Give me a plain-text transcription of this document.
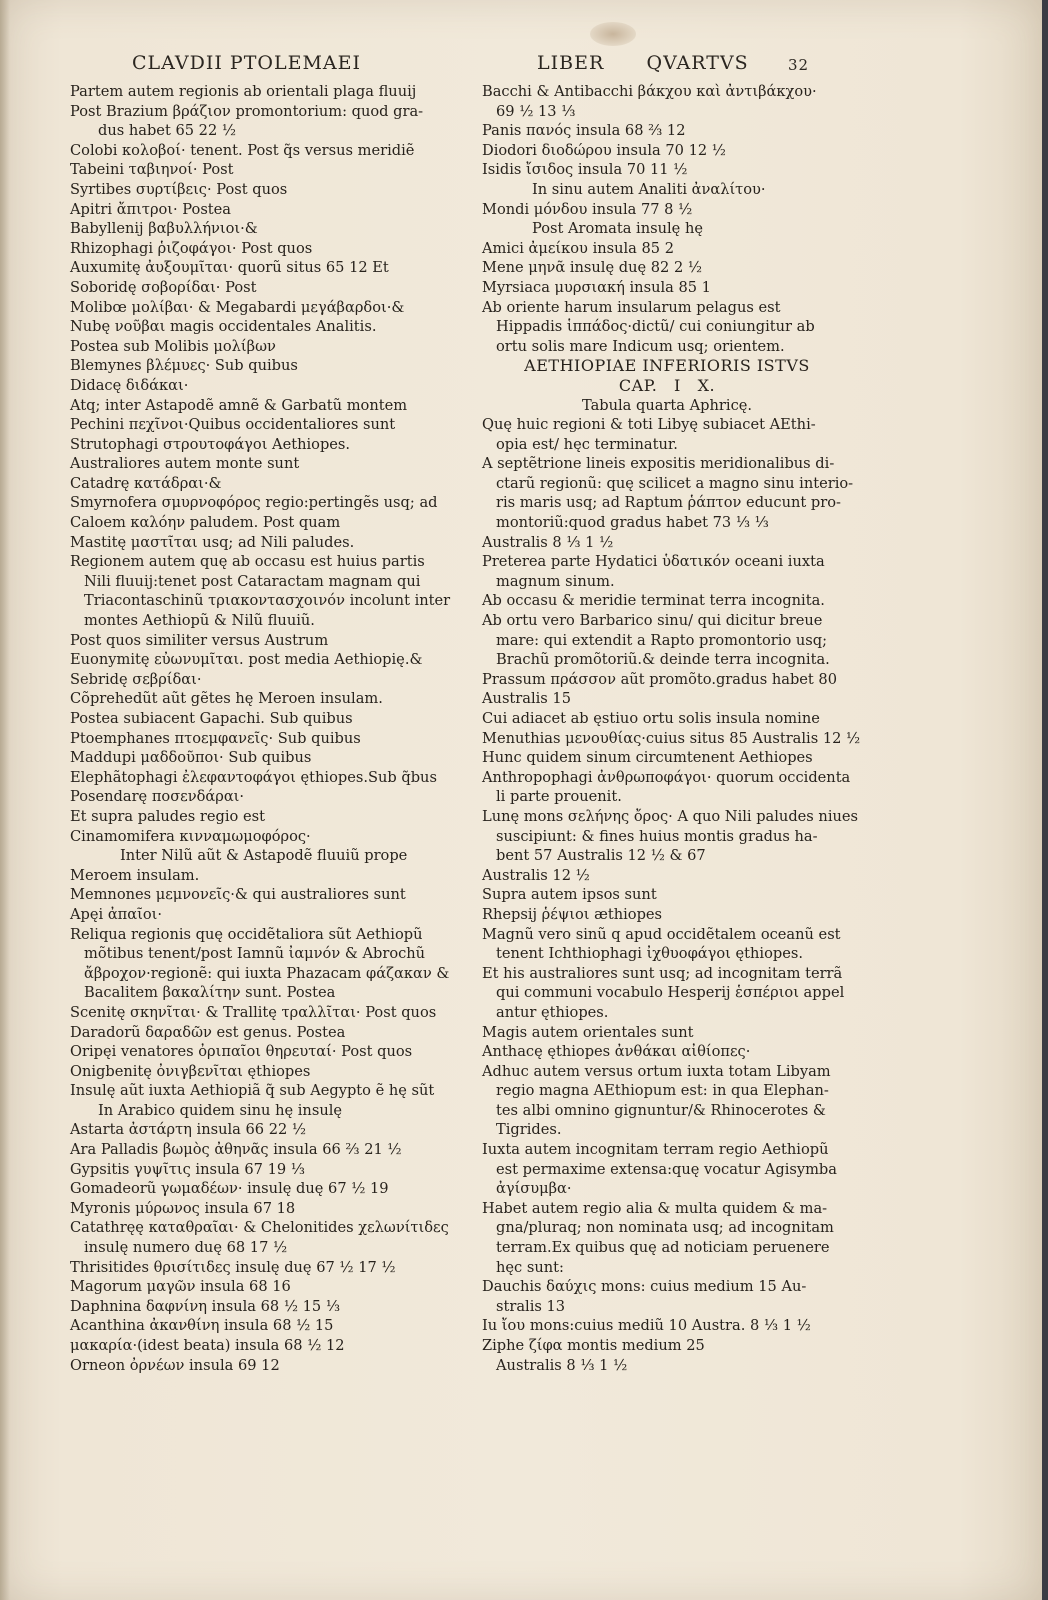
CLAVDII PTOLEMAEI	LIBER      QVARTVS	32
Partem autem regionis ab orientali plaga fluuij
Post Brazium βράζιον promontorium: quod gra-
dus habet 65 22 ½
Colobi κολοβοί· tenent. Post q̃s versus meridiẽ
Tabeini ταβιηνοί· Post
Syrtibes συρτίβεις· Post quos
Apitri ἄπιτροι· Postea
Babyllenij βαβυλλήνιοι·&
Rhizophagi ῥιζοφάγοι· Post quos
Auxumitę ἀυξουμῖται· quorũ situs 65 12 Et
Soboridę σοβορίδαι· Post
Molibœ μολίβαι· & Megabardi μεγάβαρδοι·&
Nubę νοῦβαι magis occidentales Analitis.
Postea sub Molibis μολίβων
Blemynes βλέμυες· Sub quibus
Didacę διδάκαι·
Atq; inter Astapodẽ amnẽ & Garbatũ montem
Pechini πεχῖνοι·Quibus occidentaliores sunt
Strutophagi στρουτοφάγοι Aethiopes.
Australiores autem monte sunt
Catadrę κατάδραι·&
Smyrnofera σμυρνοφόρος regio:pertingẽs usq; ad
Caloem καλόην paludem. Post quam
Mastitę μαστῖται usq; ad Nili paludes.
Regionem autem quę ab occasu est huius partis
Nili fluuij:tenet post Cataractam magnam qui
Triacontaschinũ τριακοντασχοινόν incolunt inter
montes Aethiopũ & Nilũ fluuiũ.
Post quos similiter versus Austrum
Euonymitę εὐωνυμῖται. post media Aethiopię.&
Sebridę σεβρίδαι·
Cõprehedũt aũt gẽtes hę Meroen insulam.
Postea subiacent Gapachi. Sub quibus
Ptoemphanes πτοεμφανεῖς· Sub quibus
Maddupi μαδδοῦποι· Sub quibus
Elephãtophagi ἐλεφαντοφάγοι ęthiopes.Sub q̃bus
Posendarę ποσενδάραι·
Et supra paludes regio est
Cinamomifera κινναμωμοφόρος·
Inter Nilũ aũt & Astapodẽ fluuiũ prope
Meroem insulam.
Memnones μεμνονεῖς·& qui australiores sunt
Apęi ἀπαῖοι·
Reliqua regionis quę occidẽtaliora sũt Aethiopũ
mõtibus tenent/post Iamnũ ἰαμνόν & Abrochũ
ἄβροχον·regionẽ: qui iuxta Phazacam φάζακαν &
Bacalitem βακαλίτην sunt. Postea
Scenitę σκηνῖται· & Trallitę τραλλῖται· Post quos
Daradorũ δαραδῶν est genus. Postea
Oripęi venatores ὀριπαῖοι θηρευταί· Post quos
Onigbenitę ὀνιγβενῖται ęthiopes
Insulę aũt iuxta Aethiopiã q̃ sub Aegypto ẽ hę sũt
In Arabico quidem sinu hę insulę
Astarta ἀστάρτη insula 66 22 ½
Ara Palladis βωμὸς ἀθηνᾶς insula 66 ⅔ 21 ½
Gypsitis γυψῖτις insula 67 19 ⅓
Gomadeorũ γωμαδέων· insulę duę 67 ½ 19
Myronis μύρωνος insula 67 18
Catathręę καταθραῖαι· & Chelonitides χελωνίτιδες
insulę numero duę 68 17 ½
Thrisitides θρισίτιδες insulę duę 67 ½ 17 ½
Magorum μαγῶν insula 68 16
Daphnina δαφνίνη insula 68 ½ 15 ⅓
Acanthina ἀκανθίνη insula 68 ½ 15
μακαρία·(idest beata) insula 68 ½ 12
Orneon ὀρνέων insula 69 12
Bacchi & Antibacchi βάκχου καὶ ἀντιβάκχου·
69 ½ 13 ⅓
Panis πανός insula 68 ⅔ 12
Diodori διοδώρου insula 70 12 ½
Isidis ἴσιδος insula 70 11 ½
In sinu autem Analiti ἀναλίτου·
Mondi μόνδου insula 77 8 ½
Post Aromata insulę hę
Amici ἀμείκου insula 85 2
Mene μηνᾶ insulę duę 82 2 ½
Myrsiaca μυρσιακή insula 85 1
Ab oriente harum insularum pelagus est
Hippadis ἱππάδος·dictũ/ cui coniungitur ab
ortu solis mare Indicum usq; orientem.
AETHIOPIAE INFERIORIS ISTVS
CAP.   I   X.
Tabula quarta Aphricę.
Quę huic regioni & toti Libyę subiacet AEthi-
opia est/ hęc terminatur.
A septẽtrione lineis expositis meridionalibus di-
ctarũ regionũ: quę scilicet a magno sinu interio-
ris maris usq; ad Raptum ῥάπτον educunt pro-
montoriũ:quod gradus habet 73 ⅓ ⅓
Australis 8 ⅓ 1 ½
Preterea parte Hydatici ὑδατικόν oceani iuxta
magnum sinum.
Ab occasu & meridie terminat terra incognita.
Ab ortu vero Barbarico sinu/ qui dicitur breue
mare: qui extendit a Rapto promontorio usq;
Brachũ promõtoriũ.& deinde terra incognita.
Prassum πράσσον aũt promõto.gradus habet 80
Australis 15
Cui adiacet ab ęstiuo ortu solis insula nomine
Menuthias μενουθίας·cuius situs 85 Australis 12 ½
Hunc quidem sinum circumtenent Aethiopes
Anthropophagi ἀνθρωποφάγοι· quorum occidenta
li parte prouenit.
Lunę mons σελήνης ὄρος· A quo Nili paludes niues
suscipiunt: & fines huius montis gradus ha-
bent 57 Australis 12 ½ & 67
Australis 12 ½
Supra autem ipsos sunt
Rhepsij ῥέψιοι æthiopes
Magnũ vero sinũ q apud occidẽtalem oceanũ est
tenent Ichthiophagi ἰχθυοφάγοι ęthiopes.
Et his australiores sunt usq; ad incognitam terrã
qui communi vocabulo Hesperij ἑσπέριοι appel
antur ęthiopes.
Magis autem orientales sunt
Anthacę ęthiopes ἀνθάκαι αἰθίοπες·
Adhuc autem versus ortum iuxta totam Libyam
regio magna AEthiopum est: in qua Elephan-
tes albi omnino gignuntur/& Rhinocerotes &
Tigrides.
Iuxta autem incognitam terram regio Aethiopũ
est permaxime extensa:quę vocatur Agisymba
ἀγίσυμβα·
Habet autem regio alia & multa quidem & ma-
gna/pluraq; non nominata usq; ad incognitam
terram.Ex quibus quę ad noticiam peruenere
hęc sunt:
Dauchis δαύχις mons: cuius medium 15 Au-
stralis 13
Iu ἴου mons:cuius mediũ 10 Austra. 8 ⅓ 1 ½
Ziphe ζίφα montis medium 25
Australis 8 ⅓ 1 ½
